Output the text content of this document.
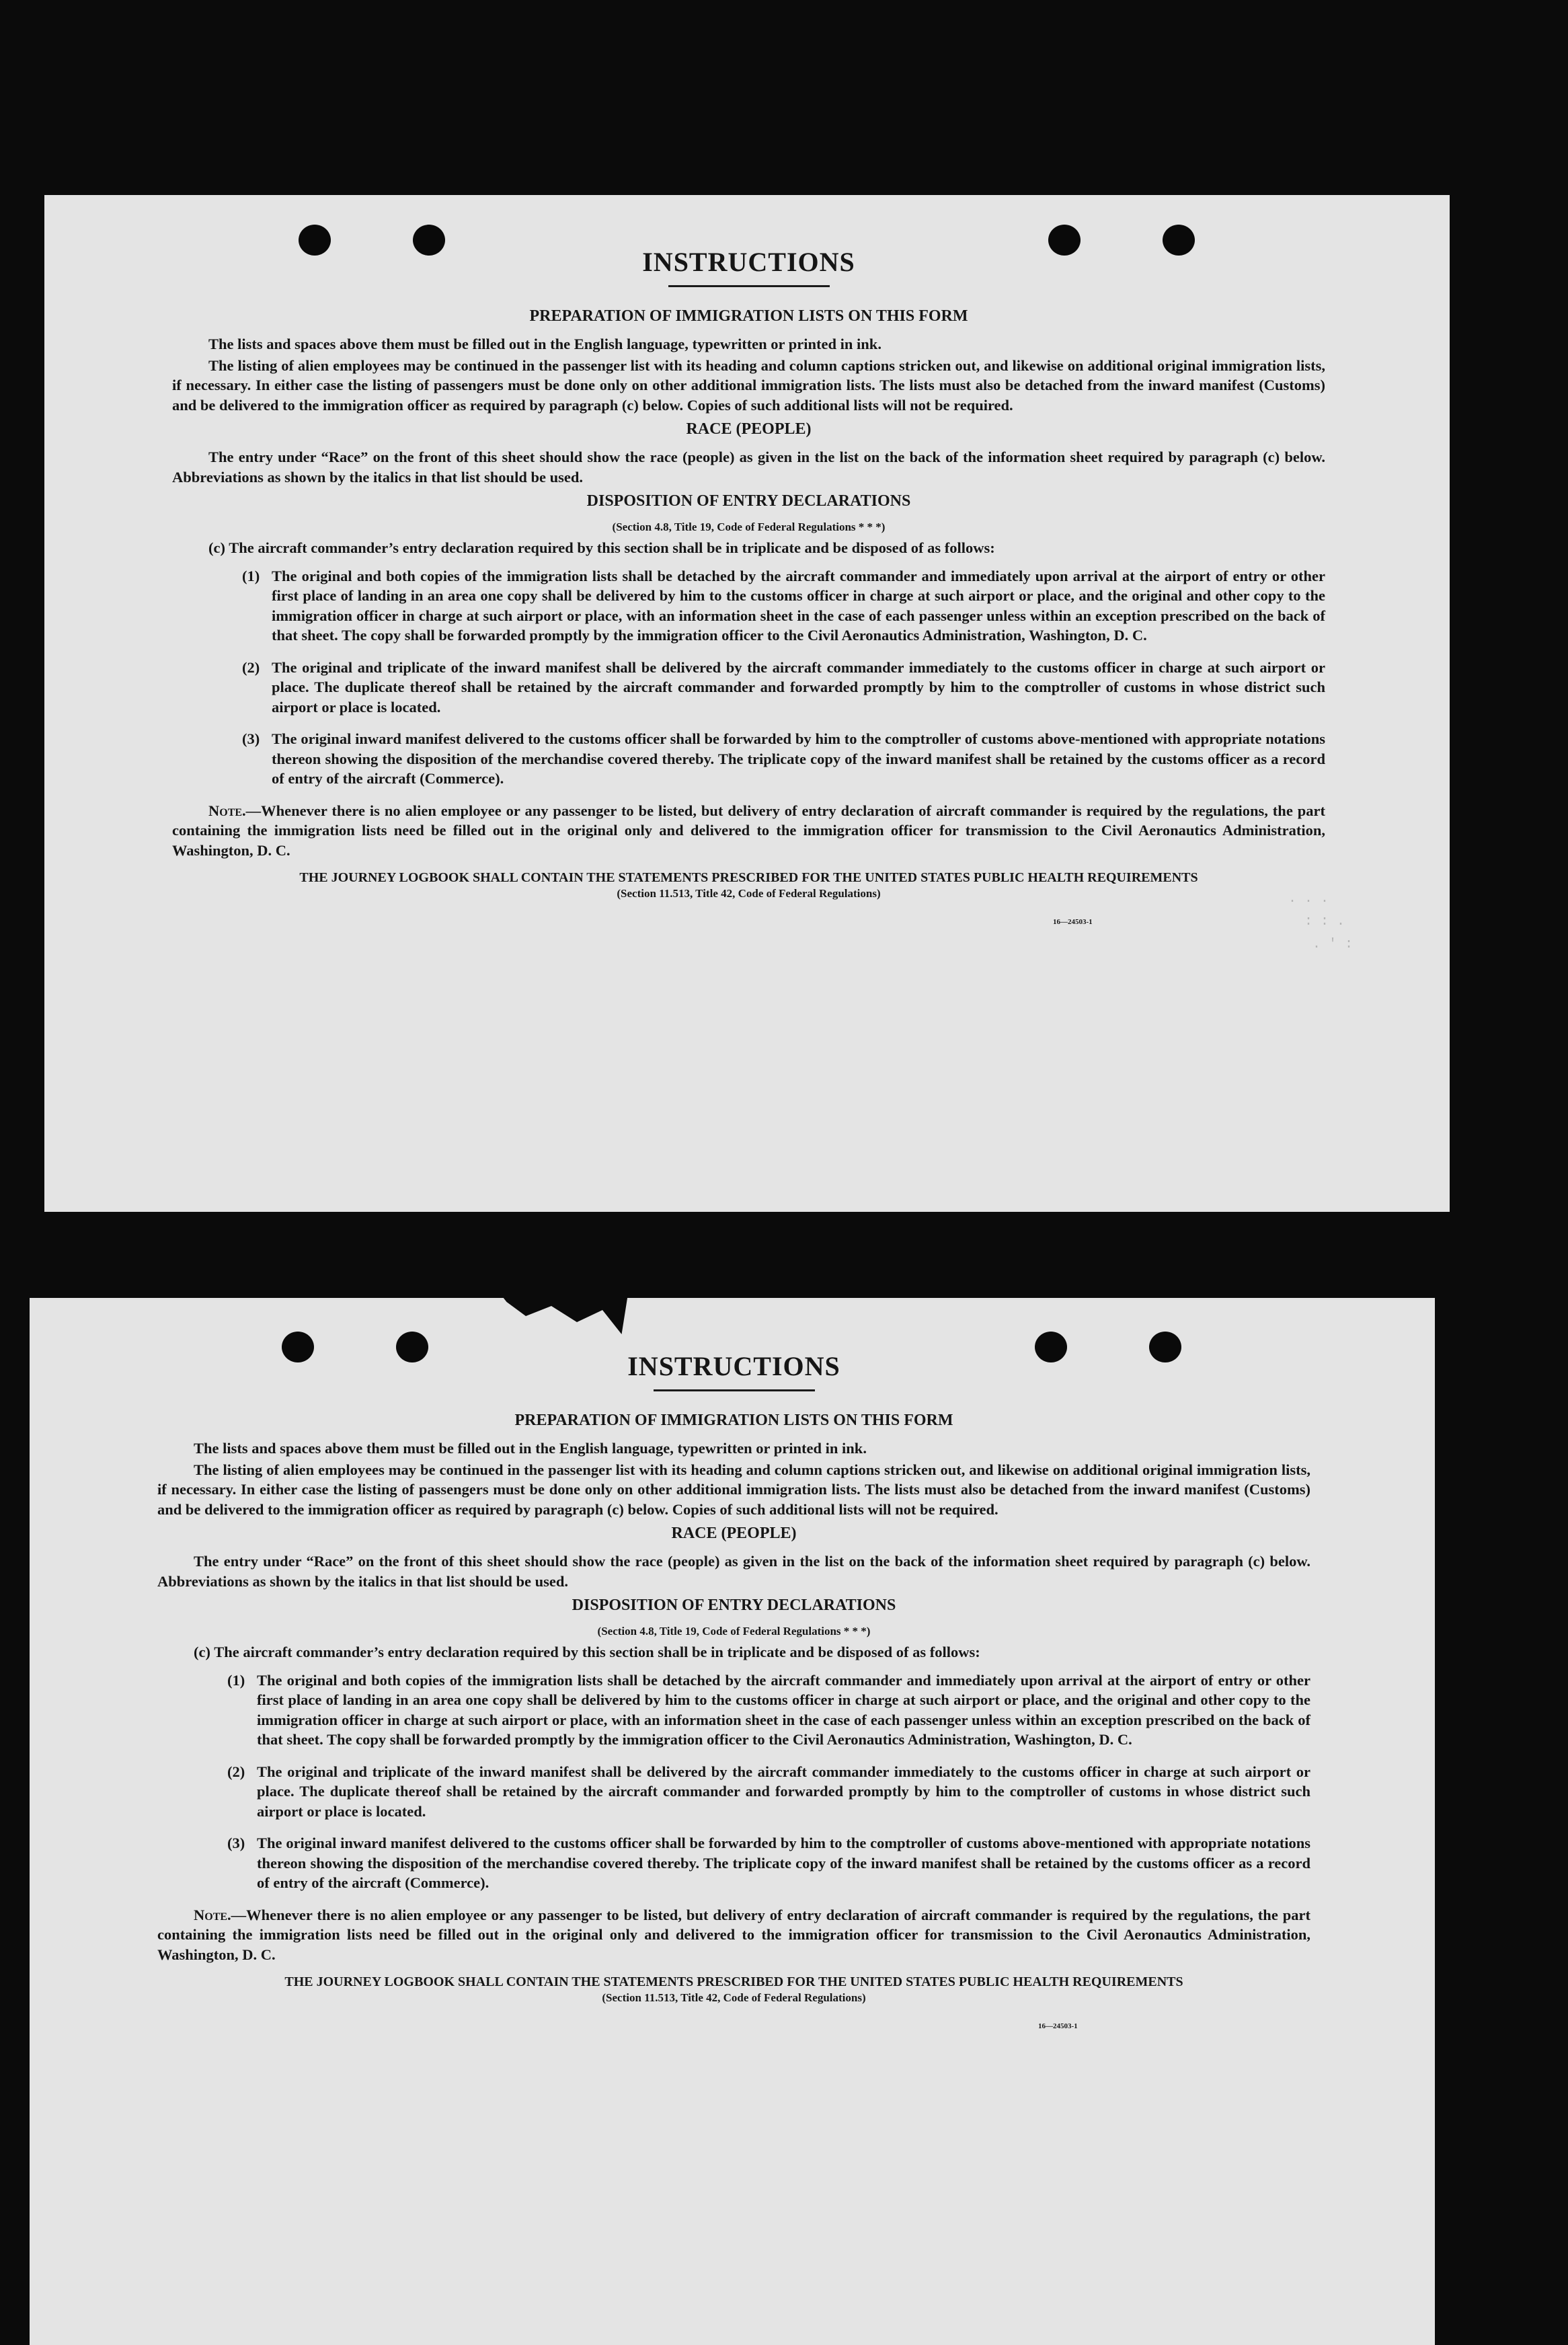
. . .
: : .
. ' :
INSTRUCTIONS
PREPARATION OF IMMIGRATION LISTS ON THIS FORM

The lists and spaces above them must be filled out in the English language, typewritten or printed in ink.

The listing of alien employees may be continued in the passenger list with its heading and column captions stricken out, and likewise on additional original immigration lists, if necessary. In either case the listing of passengers must be done only on other additional immigration lists. The lists must also be detached from the inward manifest (Customs) and be delivered to the immigration officer as required by paragraph (c) below. Copies of such additional lists will not be required.

RACE (PEOPLE)

The entry under “Race” on the front of this sheet should show the race (people) as given in the list on the back of the information sheet required by paragraph (c) below. Abbreviations as shown by the italics in that list should be used.

DISPOSITION OF ENTRY DECLARATIONS
(Section 4.8, Title 19, Code of Federal Regulations * * *)

(c) The aircraft commander’s entry declaration required by this section shall be in triplicate and be disposed of as follows:

(1) The original and both copies of the immigration lists shall be detached by the aircraft commander and immediately upon arrival at the airport of entry or other first place of landing in an area one copy shall be delivered by him to the customs officer in charge at such airport or place, and the original and other copy to the immigration officer in charge at such airport or place, with an information sheet in the case of each passenger unless within an exception prescribed on the back of that sheet. The copy shall be forwarded promptly by the immigration officer to the Civil Aeronautics Administration, Washington, D. C.
(2) The original and triplicate of the inward manifest shall be delivered by the aircraft commander immediately to the customs officer in charge at such airport or place. The duplicate thereof shall be retained by the aircraft commander and forwarded promptly by him to the comptroller of customs in whose district such airport or place is located.
(3) The original inward manifest delivered to the customs officer shall be forwarded by him to the comptroller of customs above-mentioned with appropriate notations thereon showing the disposition of the merchandise covered thereby. The triplicate copy of the inward manifest shall be retained by the customs officer as a record of entry of the aircraft (Commerce).

Note.—Whenever there is no alien employee or any passenger to be listed, but delivery of entry declaration of aircraft commander is required by the regulations, the part containing the immigration lists need be filled out in the original only and delivered to the immigration officer for transmission to the Civil Aeronautics Administration, Washington, D. C.

THE JOURNEY LOGBOOK SHALL CONTAIN THE STATEMENTS PRESCRIBED FOR THE UNITED STATES PUBLIC HEALTH REQUIREMENTS
(Section 11.513, Title 42, Code of Federal Regulations)
16—24503-1
INSTRUCTIONS
PREPARATION OF IMMIGRATION LISTS ON THIS FORM

The lists and spaces above them must be filled out in the English language, typewritten or printed in ink.

The listing of alien employees may be continued in the passenger list with its heading and column captions stricken out, and likewise on additional original immigration lists, if necessary. In either case the listing of passengers must be done only on other additional immigration lists. The lists must also be detached from the inward manifest (Customs) and be delivered to the immigration officer as required by paragraph (c) below. Copies of such additional lists will not be required.

RACE (PEOPLE)

The entry under “Race” on the front of this sheet should show the race (people) as given in the list on the back of the information sheet required by paragraph (c) below. Abbreviations as shown by the italics in that list should be used.

DISPOSITION OF ENTRY DECLARATIONS
(Section 4.8, Title 19, Code of Federal Regulations * * *)

(c) The aircraft commander’s entry declaration required by this section shall be in triplicate and be disposed of as follows:

(1) The original and both copies of the immigration lists shall be detached by the aircraft commander and immediately upon arrival at the airport of entry or other first place of landing in an area one copy shall be delivered by him to the customs officer in charge at such airport or place, and the original and other copy to the immigration officer in charge at such airport or place, with an information sheet in the case of each passenger unless within an exception prescribed on the back of that sheet. The copy shall be forwarded promptly by the immigration officer to the Civil Aeronautics Administration, Washington, D. C.
(2) The original and triplicate of the inward manifest shall be delivered by the aircraft commander immediately to the customs officer in charge at such airport or place. The duplicate thereof shall be retained by the aircraft commander and forwarded promptly by him to the comptroller of customs in whose district such airport or place is located.
(3) The original inward manifest delivered to the customs officer shall be forwarded by him to the comptroller of customs above-mentioned with appropriate notations thereon showing the disposition of the merchandise covered thereby. The triplicate copy of the inward manifest shall be retained by the customs officer as a record of entry of the aircraft (Commerce).

Note.—Whenever there is no alien employee or any passenger to be listed, but delivery of entry declaration of aircraft commander is required by the regulations, the part containing the immigration lists need be filled out in the original only and delivered to the immigration officer for transmission to the Civil Aeronautics Administration, Washington, D. C.

THE JOURNEY LOGBOOK SHALL CONTAIN THE STATEMENTS PRESCRIBED FOR THE UNITED STATES PUBLIC HEALTH REQUIREMENTS
(Section 11.513, Title 42, Code of Federal Regulations)
16—24503-1
